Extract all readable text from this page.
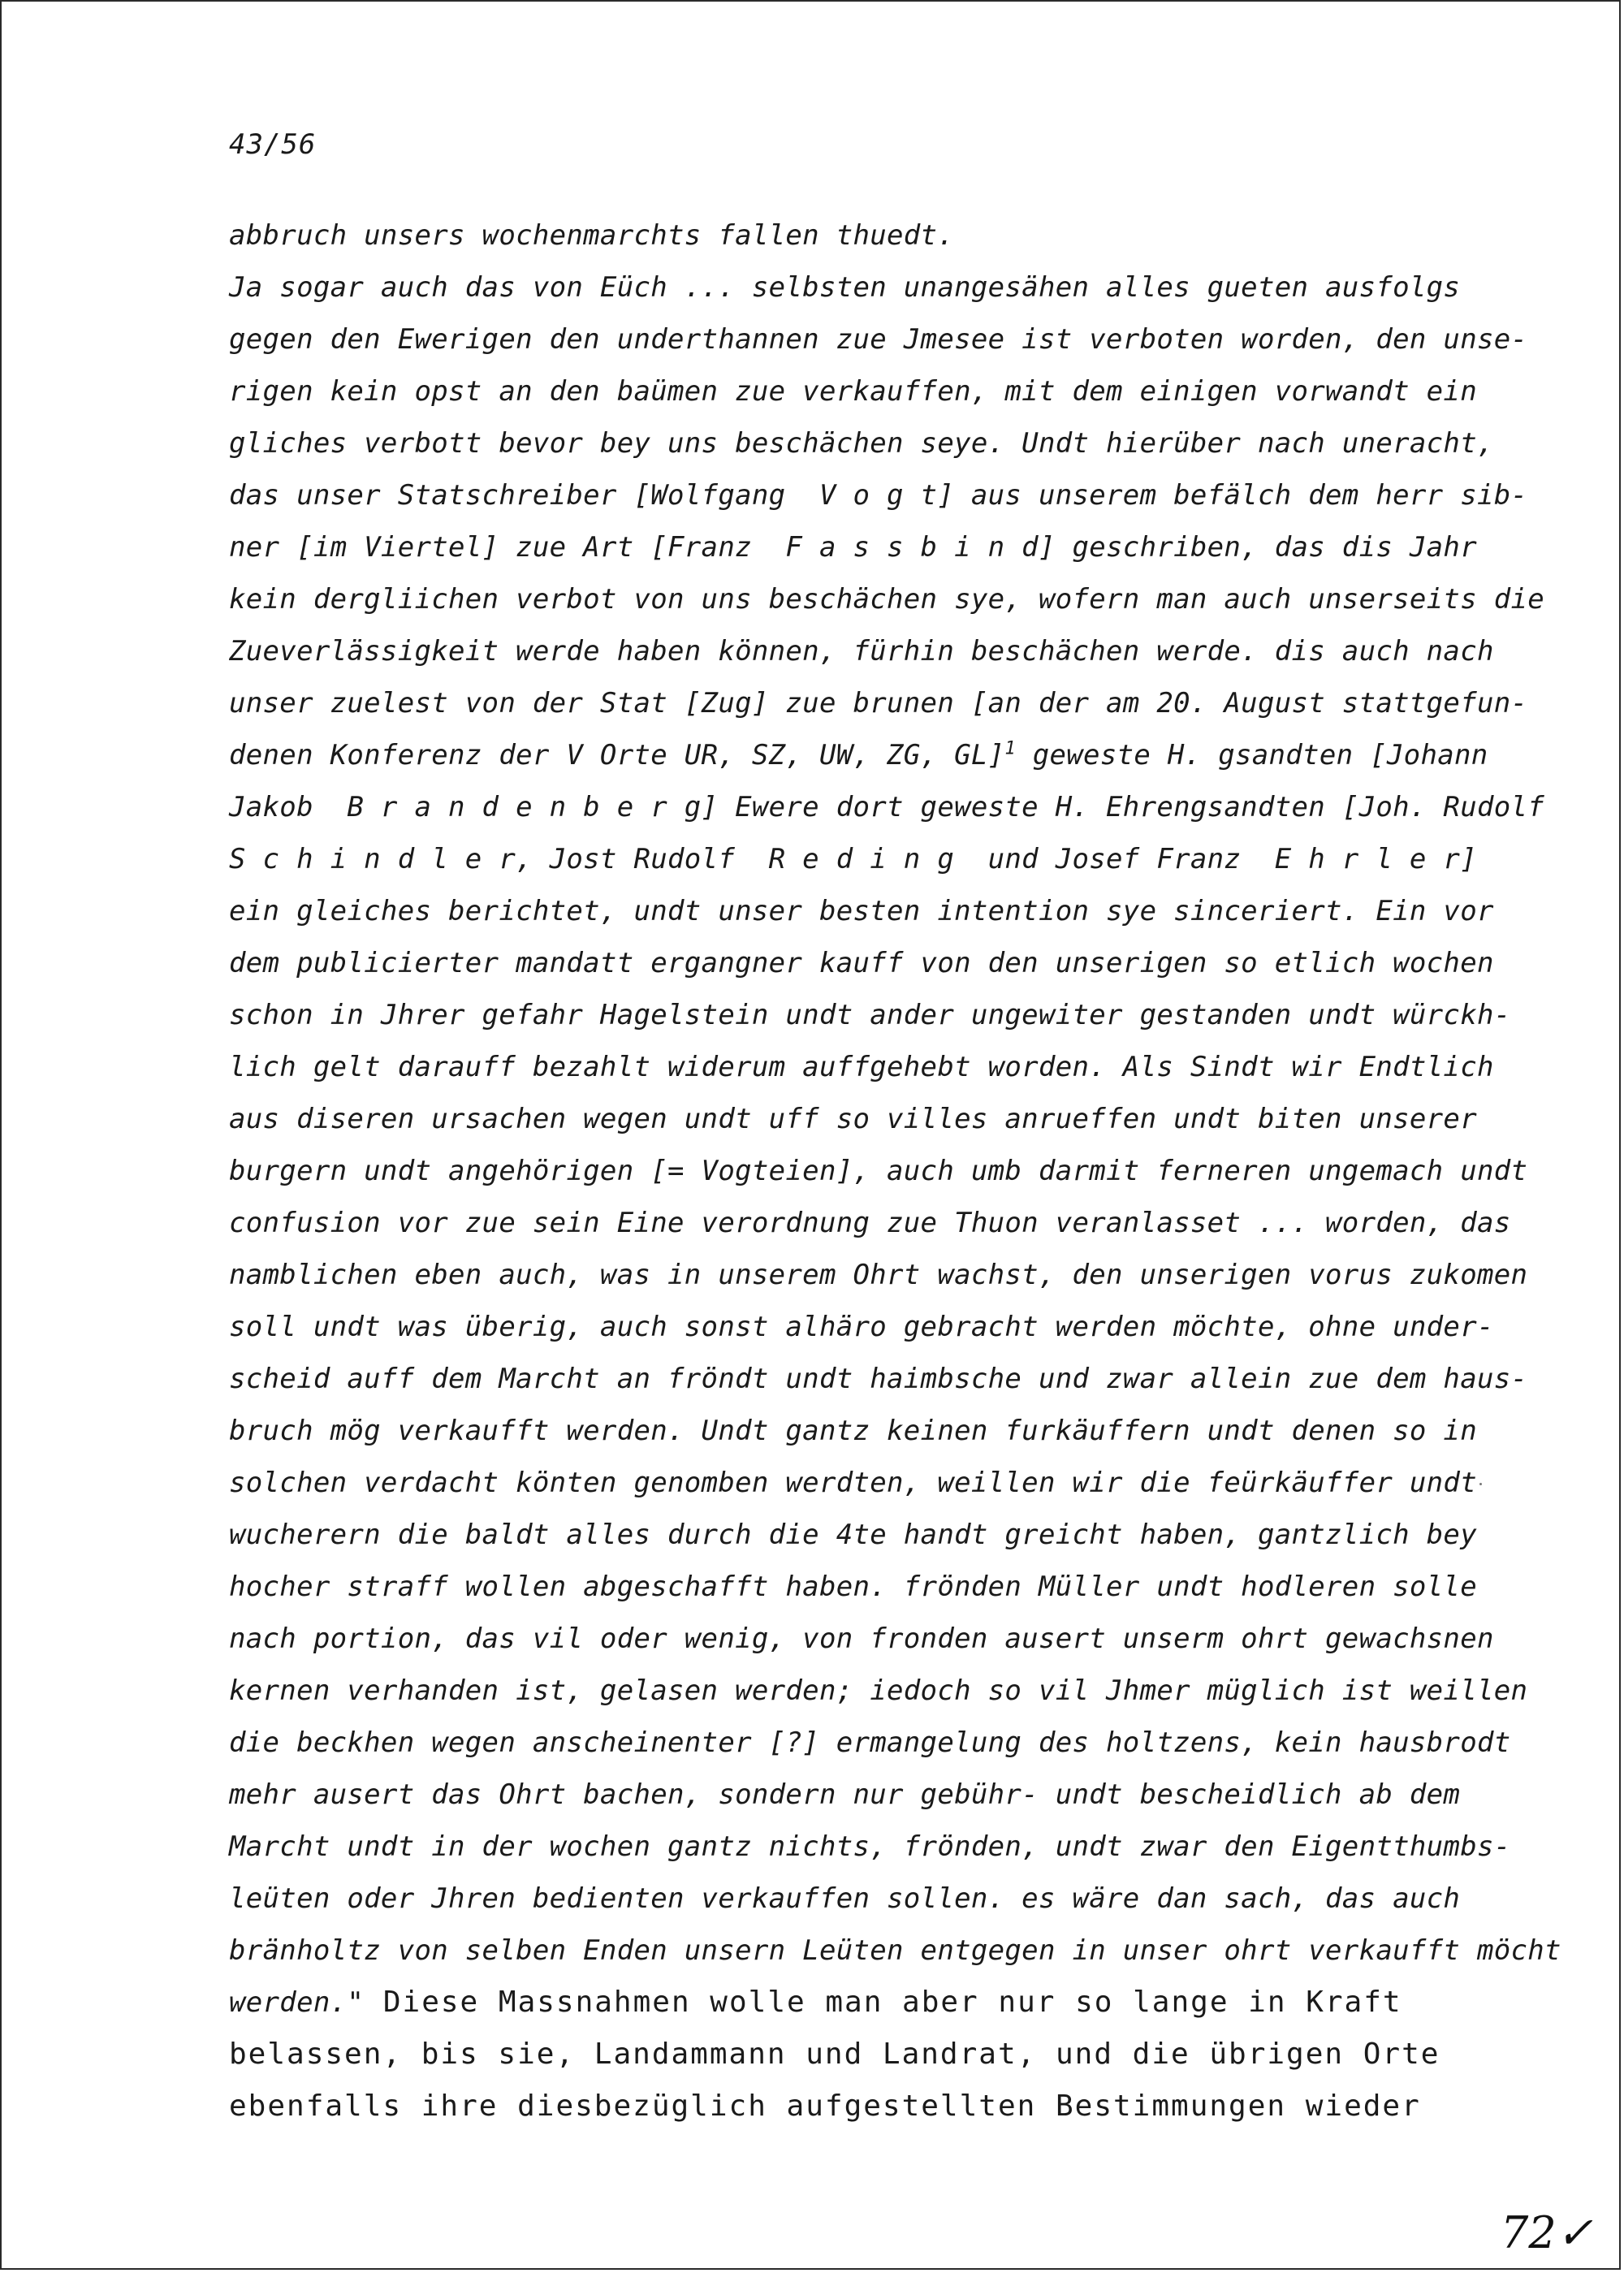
43/56
abbruch unsers wochenmarchts fallen thuedt.
Ja sogar auch das von Eüch ... selbsten unangesähen alles gueten ausfolgs
gegen den Ewerigen den underthannen zue Jmesee ist verboten worden, den unse-
rigen kein opst an den baümen zue verkauffen, mit dem einigen vorwandt ein
gliches verbott bevor bey uns beschächen seye. Undt hierüber nach uneracht,
das unser Statschreiber [Wolfgang  V o g t] aus unserem befälch dem herr sib-
ner [im Viertel] zue Art [Franz  F a s s b i n d] geschriben, das dis Jahr
kein dergliichen verbot von uns beschächen sye, wofern man auch unserseits die
Zueverlässigkeit werde haben können, fürhin beschächen werde. dis auch nach
unser zuelest von der Stat [Zug] zue brunen [an der am 20. August stattgefun-
denen Konferenz der V Orte UR, SZ, UW, ZG, GL]$^1$ geweste H. gsandten [Johann
Jakob  B r a n d e n b e r g] Ewere dort geweste H. Ehrengsandten [Joh. Rudolf
S c h i n d l e r, Jost Rudolf  R e d i n g  und Josef Franz  E h r l e r]
ein gleiches berichtet, undt unser besten intention sye sinceriert. Ein vor
dem publicierter mandatt ergangner kauff von den unserigen so etlich wochen
schon in Jhrer gefahr Hagelstein undt ander ungewiter gestanden undt würckh-
lich gelt darauff bezahlt widerum auffgehebt worden. Als Sindt wir Endtlich
aus diseren ursachen wegen undt uff so villes anrueffen undt biten unserer
burgern undt angehörigen [= Vogteien], auch umb darmit ferneren ungemach undt
confusion vor zue sein Eine verordnung zue Thuon veranlasset ... worden, das
namblichen eben auch, was in unserem Ohrt wachst, den unserigen vorus zukomen
soll undt was überig, auch sonst alhäro gebracht werden möchte, ohne under-
scheid auff dem Marcht an fröndt undt haimbsche und zwar allein zue dem haus-
bruch mög verkaufft werden. Undt gantz keinen furkäuffern undt denen so in
solchen verdacht könten genomben werdten, weillen wir die feürkäuffer undt
wucherern die baldt alles durch die 4te handt greicht haben, gantzlich bey
hocher straff wollen abgeschafft haben. frönden Müller undt hodleren solle
nach portion, das vil oder wenig, von fronden ausert unserm ohrt gewachsnen
kernen verhanden ist, gelasen werden; iedoch so vil Jhmer müglich ist weillen
die beckhen wegen anscheinenter [?] ermangelung des holtzens, kein hausbrodt
mehr ausert das Ohrt bachen, sondern nur gebühr- undt bescheidlich ab dem
Marcht undt in der wochen gantz nichts, frönden, undt zwar den Eigentthumbs-
leüten oder Jhren bedienten verkauffen sollen. es wäre dan sach, das auch
bränholtz von selben Enden unsern Leüten entgegen in unser ohrt verkaufft möcht
werden." Diese Massnahmen wolle man aber nur so lange in Kraft
belassen, bis sie, Landammann und Landrat, und die übrigen Orte
ebenfalls ihre diesbezüglich aufgestellten Bestimmungen wieder
72✓
